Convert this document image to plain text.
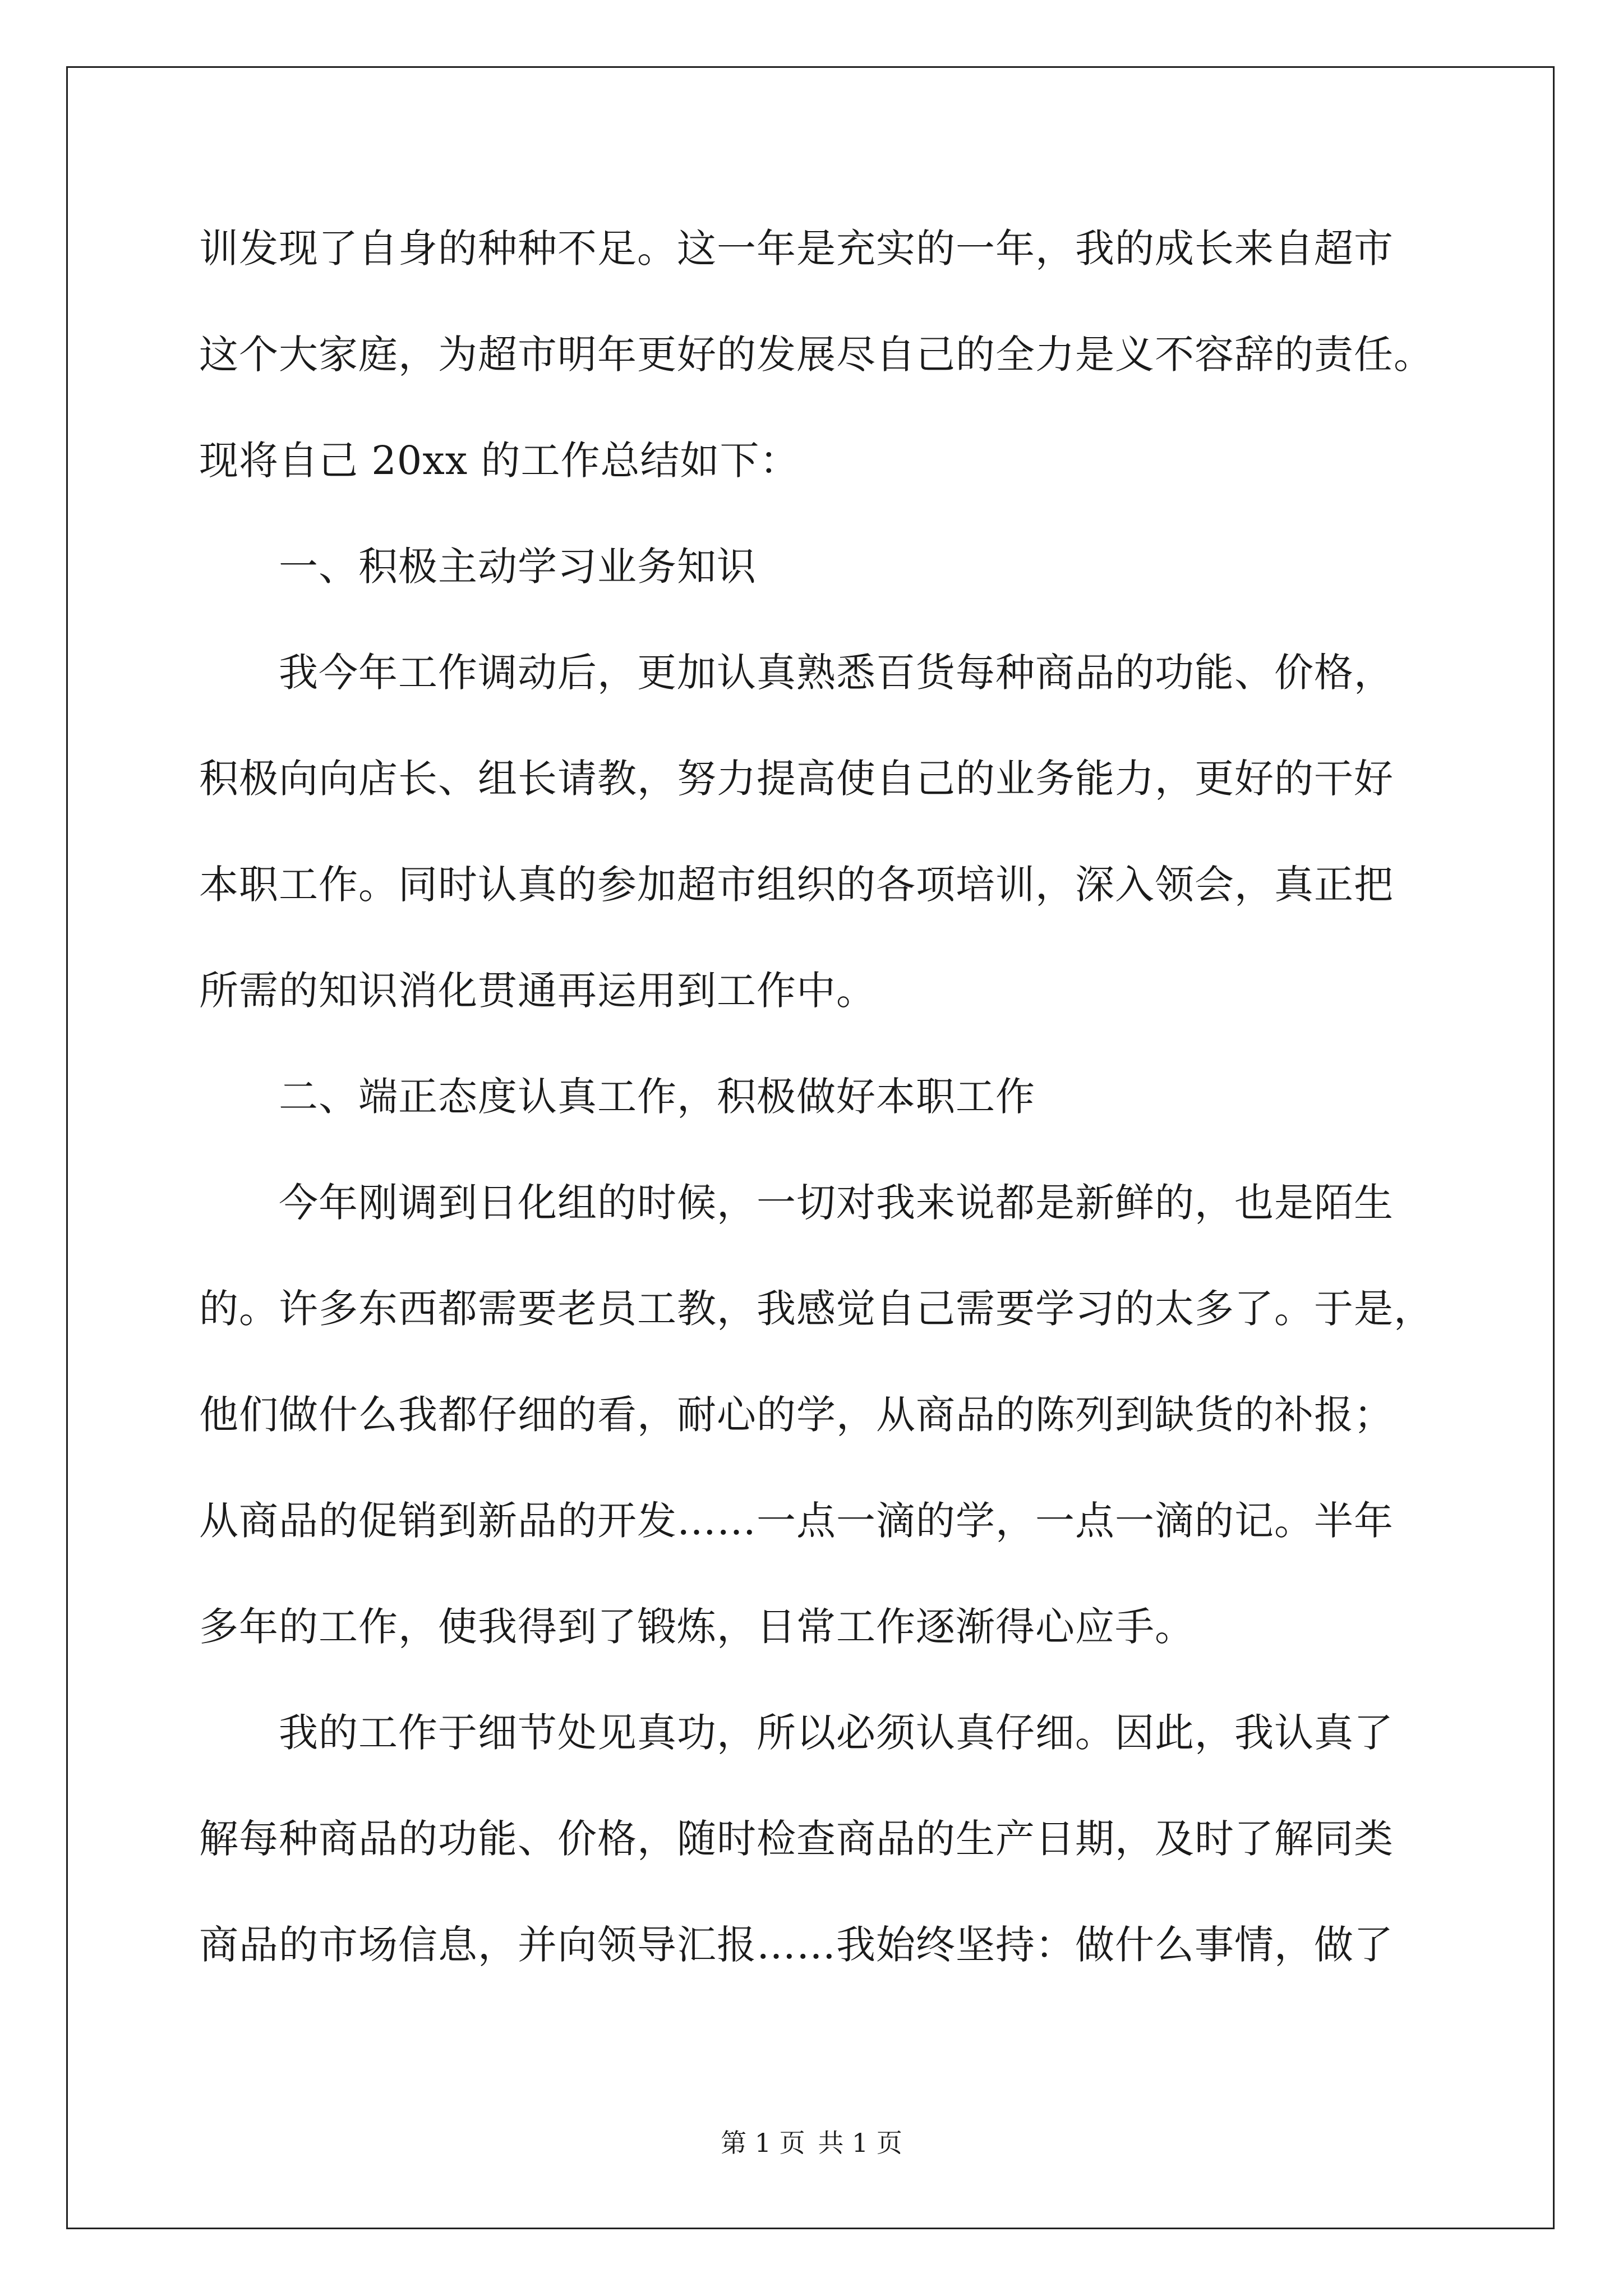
训发现了自身的种种不足。这一年是充实的一年，我的成长来自超市
这个大家庭，为超市明年更好的发展尽自己的全力是义不容辞的责任。
现将自己 20xx 的工作总结如下：
　　一、积极主动学习业务知识
　　我今年工作调动后，更加认真熟悉百货每种商品的功能、价格，
积极向向店长、组长请教，努力提高使自己的业务能力，更好的干好
本职工作。同时认真的参加超市组织的各项培训，深入领会，真正把
所需的知识消化贯通再运用到工作中。
　　二、端正态度认真工作，积极做好本职工作
　　今年刚调到日化组的时候，一切对我来说都是新鲜的，也是陌生
的。许多东西都需要老员工教，我感觉自己需要学习的太多了。于是，
他们做什么我都仔细的看，耐心的学，从商品的陈列到缺货的补报；
从商品的促销到新品的开发……一点一滴的学，一点一滴的记。半年
多年的工作，使我得到了锻炼，日常工作逐渐得心应手。
　　我的工作于细节处见真功，所以必须认真仔细。因此，我认真了
解每种商品的功能、价格，随时检查商品的生产日期，及时了解同类
商品的市场信息，并向领导汇报……我始终坚持：做什么事情，做了
第 1 页 共 1 页
